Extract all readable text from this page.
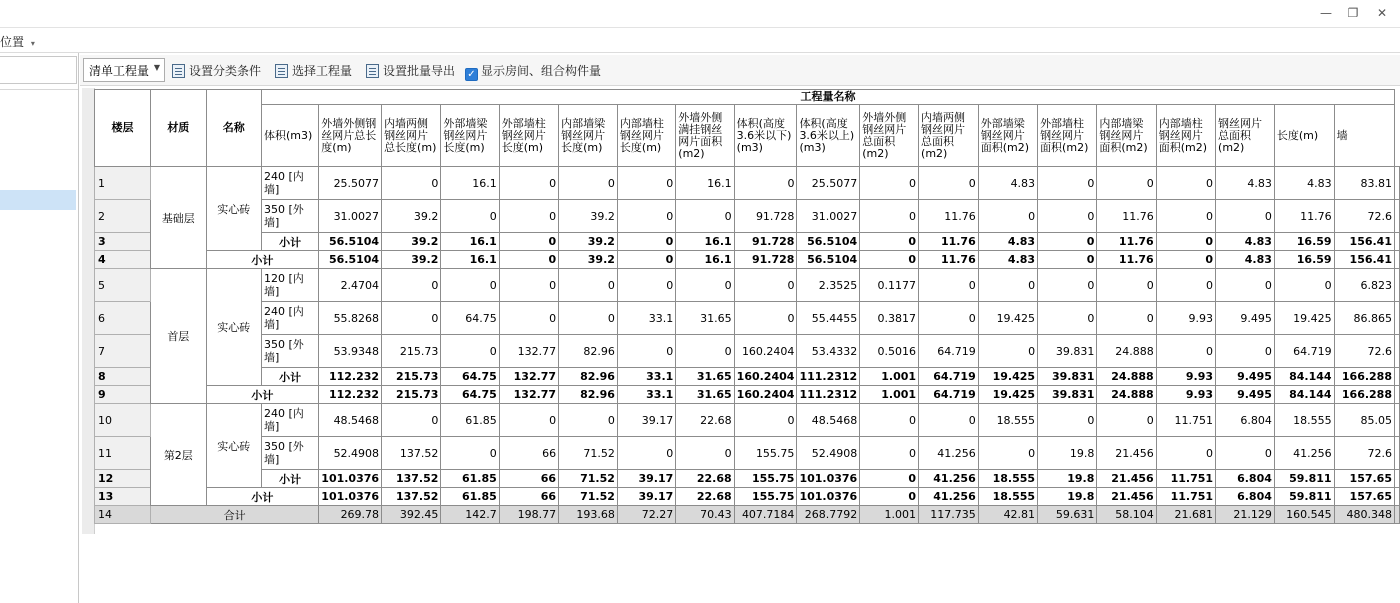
— ❐ ✕
位置 ▾
清单工程量 ▼	设置分类条件	选择工程量	设置批量导出 ✓ 显示房间、组合构件量
楼层	材质	名称	工程量名称																			
			体积(m3)	外墙外侧钢丝网片总长度(m)	内墙两侧钢丝网片总长度(m)	外部墙梁钢丝网片长度(m)	外部墙柱钢丝网片长度(m)	内部墙梁钢丝网片长度(m)	内部墙柱钢丝网片长度(m)	外墙外侧满挂钢丝网片面积(m2)	体积(高度3.6米以下)(m3)	体积(高度3.6米以上)(m3)	外墙外侧钢丝网片总面积(m2)	内墙两侧钢丝网片总面积(m2)	外部墙梁钢丝网片面积(m2)	外部墙柱钢丝网片面积(m2)	内部墙梁钢丝网片面积(m2)	内部墙柱钢丝网片面积(m2)	钢丝网片总面积(m2)	长度(m)	墙	
1	基础层	实心砖	240 [内墙]	25.5077	0	16.1	0	0	0	16.1	0	25.5077	0	0	4.83	0	0	0	4.83	4.83	83.81	
2			350 [外墙]	31.0027	39.2	0	0	39.2	0	0	91.728	31.0027	0	11.76	0	0	11.76	0	0	11.76	72.6	
3			小计	56.5104	39.2	16.1	0	39.2	0	16.1	91.728	56.5104	0	11.76	4.83	0	11.76	0	4.83	16.59	156.41	
4		小计		56.5104	39.2	16.1	0	39.2	0	16.1	91.728	56.5104	0	11.76	4.83	0	11.76	0	4.83	16.59	156.41	
5	首层	实心砖	120 [内墙]	2.4704	0	0	0	0	0	0	0	2.3525	0.1177	0	0	0	0	0	0	0	6.823	
6			240 [内墙]	55.8268	0	64.75	0	0	33.1	31.65	0	55.4455	0.3817	0	19.425	0	0	9.93	9.495	19.425	86.865	
7			350 [外墙]	53.9348	215.73	0	132.77	82.96	0	0	160.2404	53.4332	0.5016	64.719	0	39.831	24.888	0	0	64.719	72.6	
8			小计	112.232	215.73	64.75	132.77	82.96	33.1	31.65	160.2404	111.2312	1.001	64.719	19.425	39.831	24.888	9.93	9.495	84.144	166.288	
9		小计		112.232	215.73	64.75	132.77	82.96	33.1	31.65	160.2404	111.2312	1.001	64.719	19.425	39.831	24.888	9.93	9.495	84.144	166.288	
10	第2层	实心砖	240 [内墙]	48.5468	0	61.85	0	0	39.17	22.68	0	48.5468	0	0	18.555	0	0	11.751	6.804	18.555	85.05	
11			350 [外墙]	52.4908	137.52	0	66	71.52	0	0	155.75	52.4908	0	41.256	0	19.8	21.456	0	0	41.256	72.6	
12			小计	101.0376	137.52	61.85	66	71.52	39.17	22.68	155.75	101.0376	0	41.256	18.555	19.8	21.456	11.751	6.804	59.811	157.65	
13		小计		101.0376	137.52	61.85	66	71.52	39.17	22.68	155.75	101.0376	0	41.256	18.555	19.8	21.456	11.751	6.804	59.811	157.65	
14	合计			269.78	392.45	142.7	198.77	193.68	72.27	70.43	407.7184	268.7792	1.001	117.735	42.81	59.631	58.104	21.681	21.129	160.545	480.348	
